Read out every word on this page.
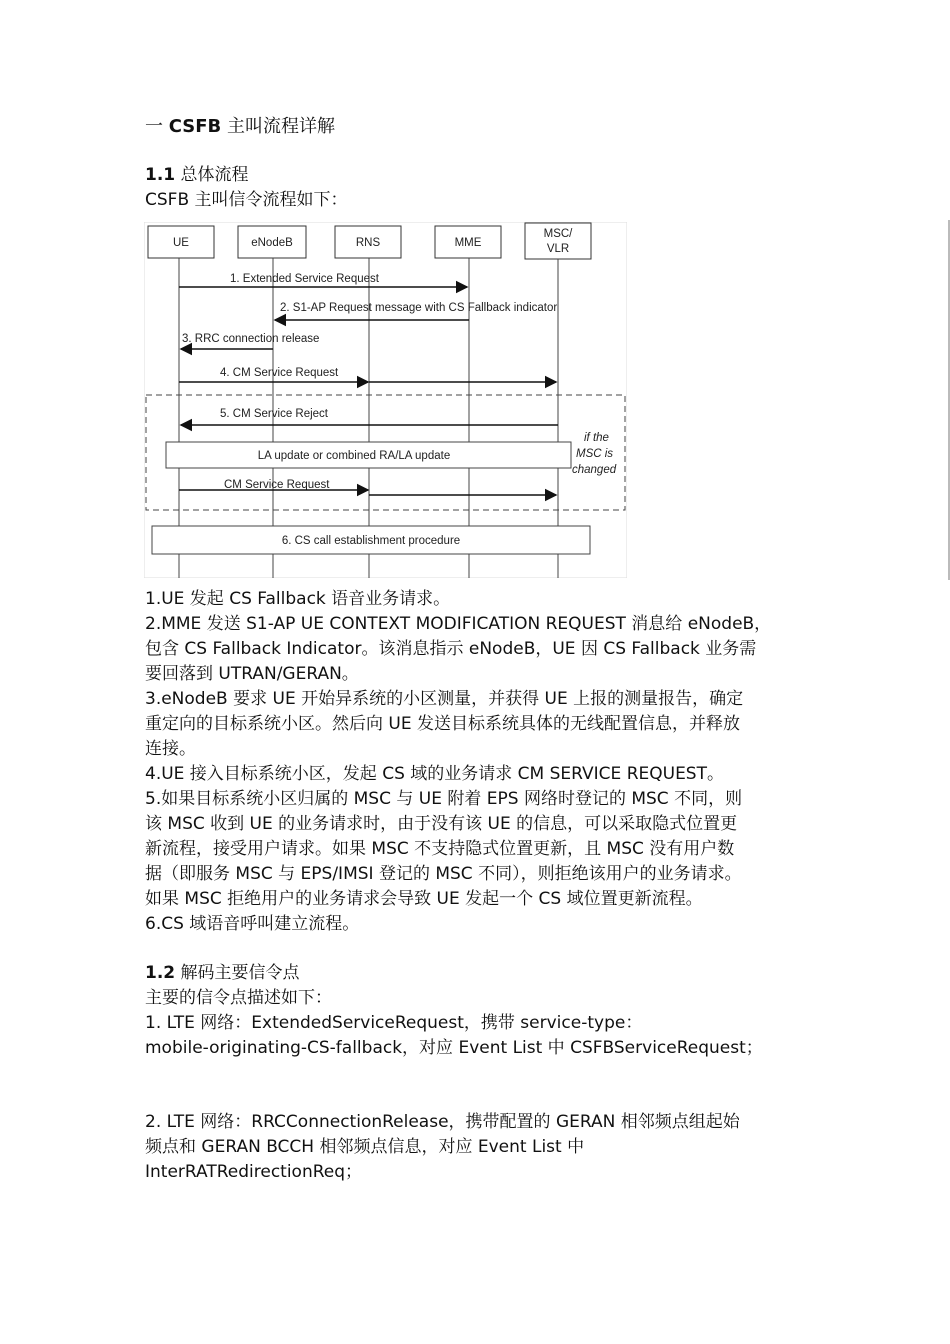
一 CSFB 主叫流程详解
1.1 总体流程
CSFB 主叫信令流程如下：
UE	eNodeB	RNS	MME
MSC/
VLR
1. Extended Service Request
2. S1-AP Request message with CS Fallback indicator
3. RRC connection release
4. CM Service Request
5. CM Service Reject
LA update or combined RA/LA update
if the
MSC is
changed
CM Service Request
6. CS call establishment procedure
1.UE 发起 CS Fallback 语音业务请求。
2.MME 发送 S1-AP UE CONTEXT MODIFICATION REQUEST 消息给 eNodeB，
包含 CS Fallback Indicator。该消息指示 eNodeB，UE 因 CS Fallback 业务需
要回落到 UTRAN/GERAN。
3.eNodeB 要求 UE 开始异系统的小区测量，并获得 UE 上报的测量报告，确定
重定向的目标系统小区。然后向 UE 发送目标系统具体的无线配置信息，并释放
连接。
4.UE 接入目标系统小区，发起 CS 域的业务请求 CM SERVICE REQUEST。
5.如果目标系统小区归属的 MSC 与 UE 附着 EPS 网络时登记的 MSC 不同，则
该 MSC 收到 UE 的业务请求时，由于没有该 UE 的信息，可以采取隐式位置更
新流程，接受用户请求。如果 MSC 不支持隐式位置更新，且 MSC 没有用户数
据（即服务 MSC 与 EPS/IMSI 登记的 MSC 不同），则拒绝该用户的业务请求。
如果 MSC 拒绝用户的业务请求会导致 UE 发起一个 CS 域位置更新流程。
6.CS 域语音呼叫建立流程。
1.2 解码主要信令点
主要的信令点描述如下：
1. LTE 网络：ExtendedServiceRequest，携带 service-type：
mobile-originating-CS-fallback，对应 Event List 中 CSFBServiceRequest；
2. LTE 网络：RRCConnectionRelease，携带配置的 GERAN 相邻频点组起始
频点和 GERAN BCCH 相邻频点信息，对应 Event List 中
InterRATRedirectionReq；
